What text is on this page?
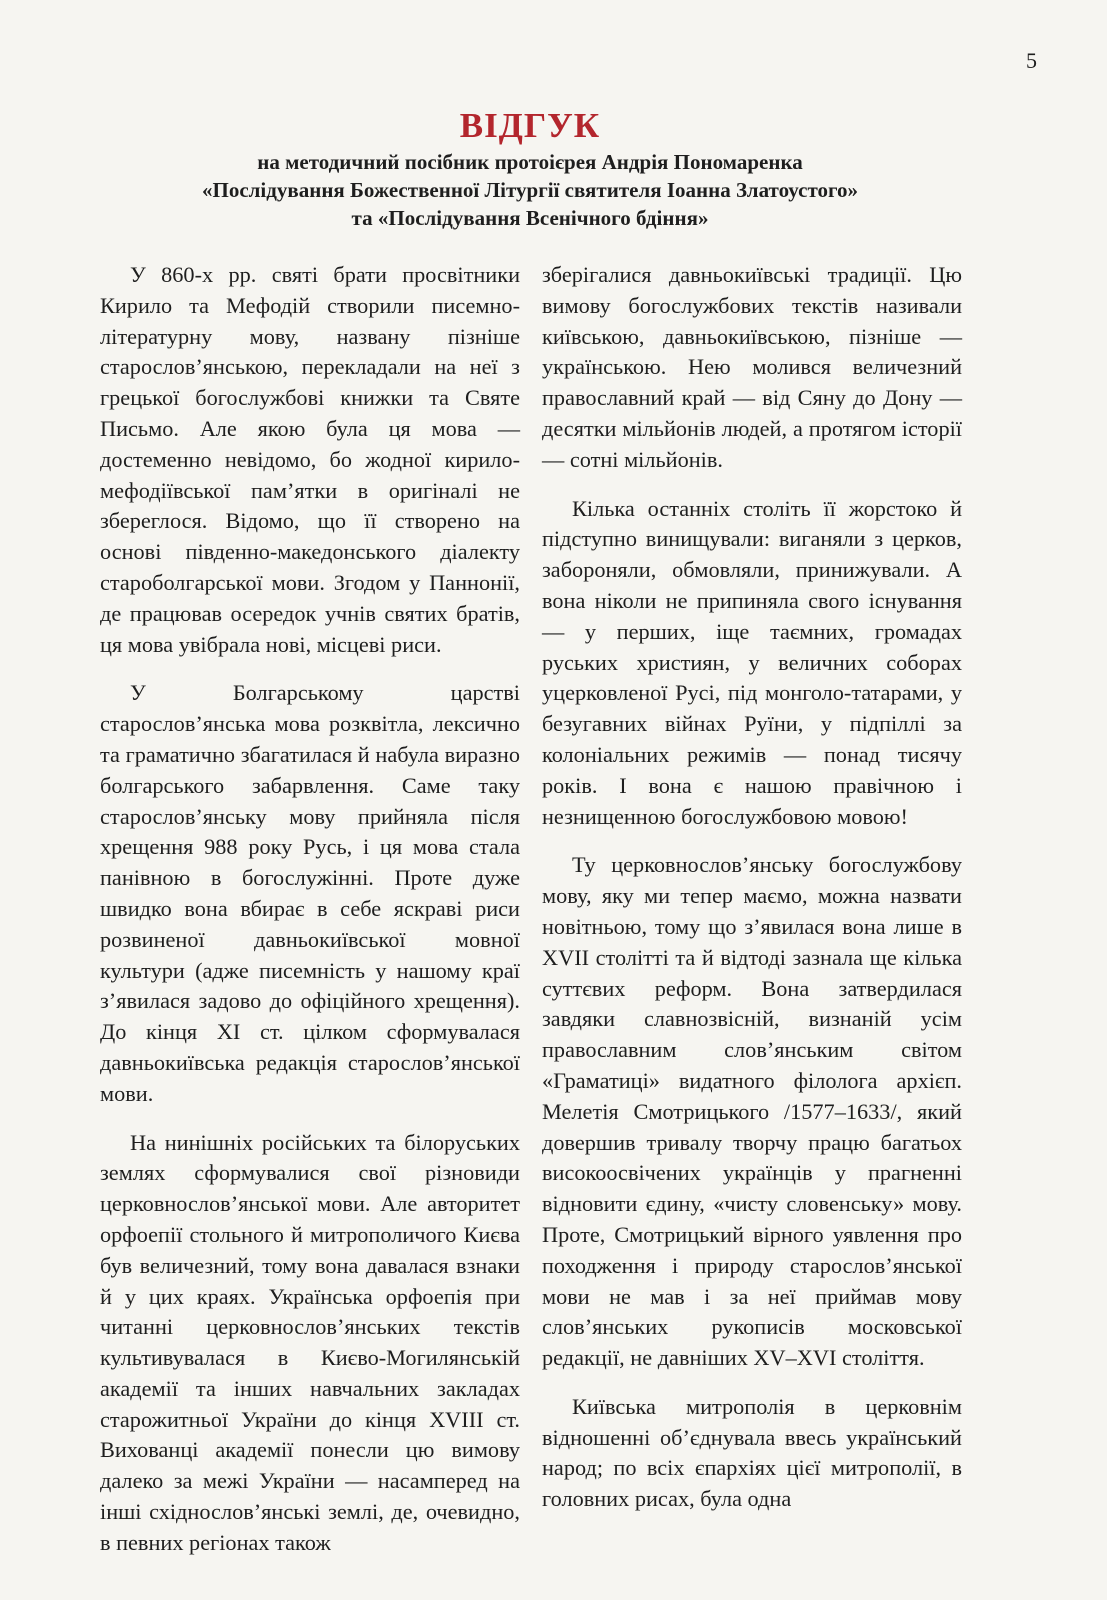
5
ВІДГУК
на методичний посібник протоієрея Андрія Пономаренка
«Послідування Божественної Літургії святителя Іоанна Златоустого»
та «Послідування Всенічного бдіння»

У 860-х рр. святі брати просвітники Кирило та Мефодій створили писемно-літературну мову, названу пізніше старослов’янською, перекладали на неї з грецької богослужбові книжки та Святе Письмо. Але якою була ця мова — достеменно невідомо, бо жодної кирило-мефодіївської пам’ятки в оригіналі не збереглося. Відомо, що її створено на основі південно-македонського діалекту староболгарської мови. Згодом у Паннонії, де працював осередок учнів святих братів, ця мова увібрала нові, місцеві риси.

У Болгарському царстві старослов’янська мова розквітла, лексично та граматично збагатилася й набула виразно болгарського забарвлення. Саме таку старослов’янську мову прийняла після хрещення 988 року Русь, і ця мова стала панівною в богослужінні. Проте дуже швидко вона вбирає в себе яскраві риси розвиненої давньокиївської мовної культури (адже писемність у нашому краї з’явилася задово до офіційного хрещення). До кінця XI ст. цілком сформувалася давньокиївська редакція старослов’янської мови.

На нинішніх російських та білоруських землях сформувалися свої різновиди церковнослов’янської мови. Але авторитет орфоепії стольного й митрополичого Києва був величезний, тому вона давалася взнаки й у цих краях. Українська орфоепія при читанні церковнослов’янських текстів культивувалася в Києво-Могилянській академії та інших навчальних закладах старожитньої України до кінця XVIII ст. Вихованці академії понесли цю вимову далеко за межі України — насамперед на інші східнослов’янські землі, де, очевидно, в певних регіонах також

зберігалися давньокиївські традиції. Цю вимову богослужбових текстів називали київською, давньокиївською, пізніше — українською. Нею молився величезний православний край — від Сяну до Дону — десятки мільйонів людей, а протягом історії — сотні мільйонів.

Кілька останніх століть її жорстоко й підступно винищували: виганяли з церков, забороняли, обмовляли, принижували. А вона ніколи не припиняла свого існування — у перших, іще таємних, громадах руських християн, у величних соборах уцерковленої Русі, під монголо-татарами, у безугавних війнах Руїни, у підпіллі за колоніальних режимів — понад тисячу років. І вона є нашою правічною і незнищенною богослужбовою мовою!

Ту церковнослов’янську богослужбову мову, яку ми тепер маємо, можна назвати новітньою, тому що з’явилася вона лише в XVII столітті та й відтоді зазнала ще кілька суттєвих реформ. Вона затвердилася завдяки славнозвісній, визнаній усім православним слов’янським світом «Граматиці» видатного філолога архієп. Мелетія Смотрицького /1577–1633/, який довершив тривалу творчу працю багатьох високоосвічених українців у прагненні відновити єдину, «чисту словенську» мову. Проте, Смотрицький вірного уявлення про походження і природу старослов’янської мови не мав і за неї приймав мову слов’янських рукописів московської редакції, не давніших XV–XVI століття.

Київська митрополія в церковнім відношенні об’єднувала ввесь український народ; по всіх єпархіях цієї митрополії, в головних рисах, була одна
